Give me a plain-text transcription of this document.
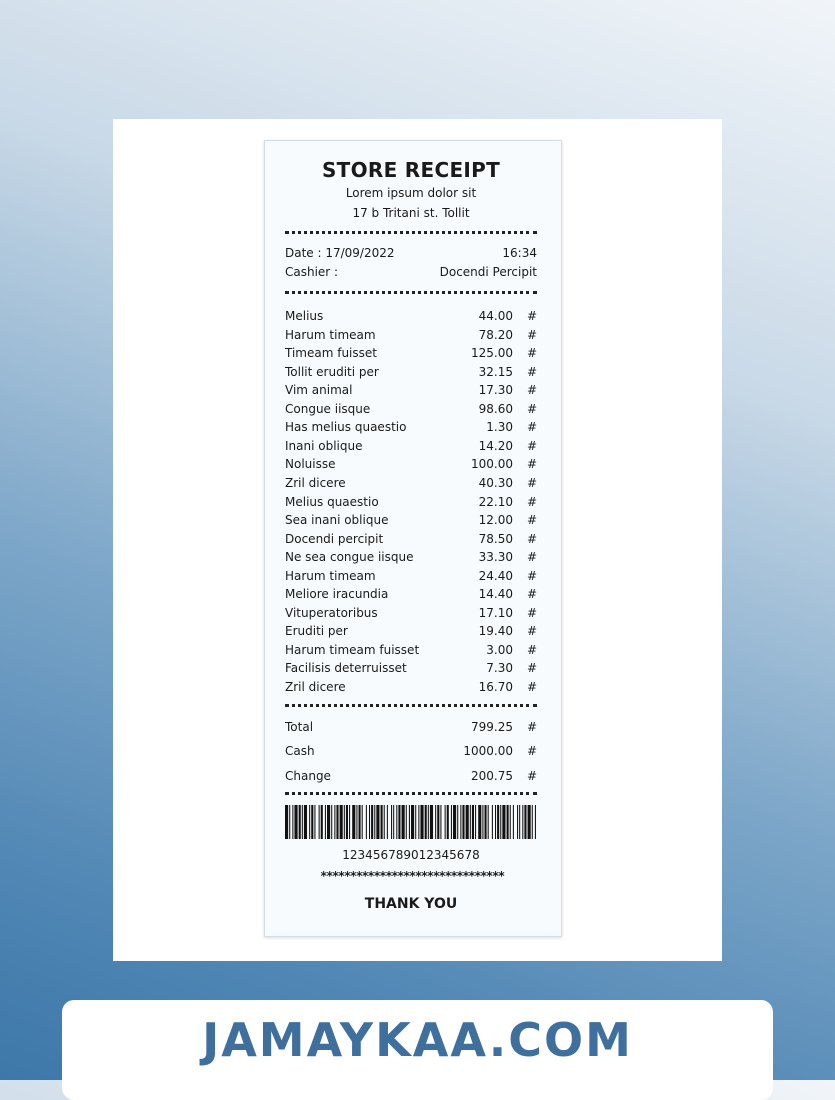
STORE RECEIPT
Lorem ipsum dolor sit
17 b Tritani st. Tollit
Date : 17/09/2022	16:34
Cashier :	Docendi Percipit
Melius	44.00 #
Harum timeam	78.20 #
Timeam fuisset	125.00 #
Tollit eruditi per	32.15 #
Vim animal	17.30 #
Congue iisque	98.60 #
Has melius quaestio	1.30 #
Inani oblique	14.20 #
Noluisse	100.00 #
Zril dicere	40.30 #
Melius quaestio	22.10 #
Sea inani oblique	12.00 #
Docendi percipit	78.50 #
Ne sea congue iisque	33.30 #
Harum timeam	24.40 #
Meliore iracundia	14.40 #
Vituperatoribus	17.10 #
Eruditi per	19.40 #
Harum timeam fuisset	3.00 #
Facilisis deterruisset	7.30 #
Zril dicere	16.70 #
Total	799.25 #
Cash	1000.00 #
Change	200.75 #
123456789012345678
*******************************
THANK YOU
JAMAYKAA.COM
